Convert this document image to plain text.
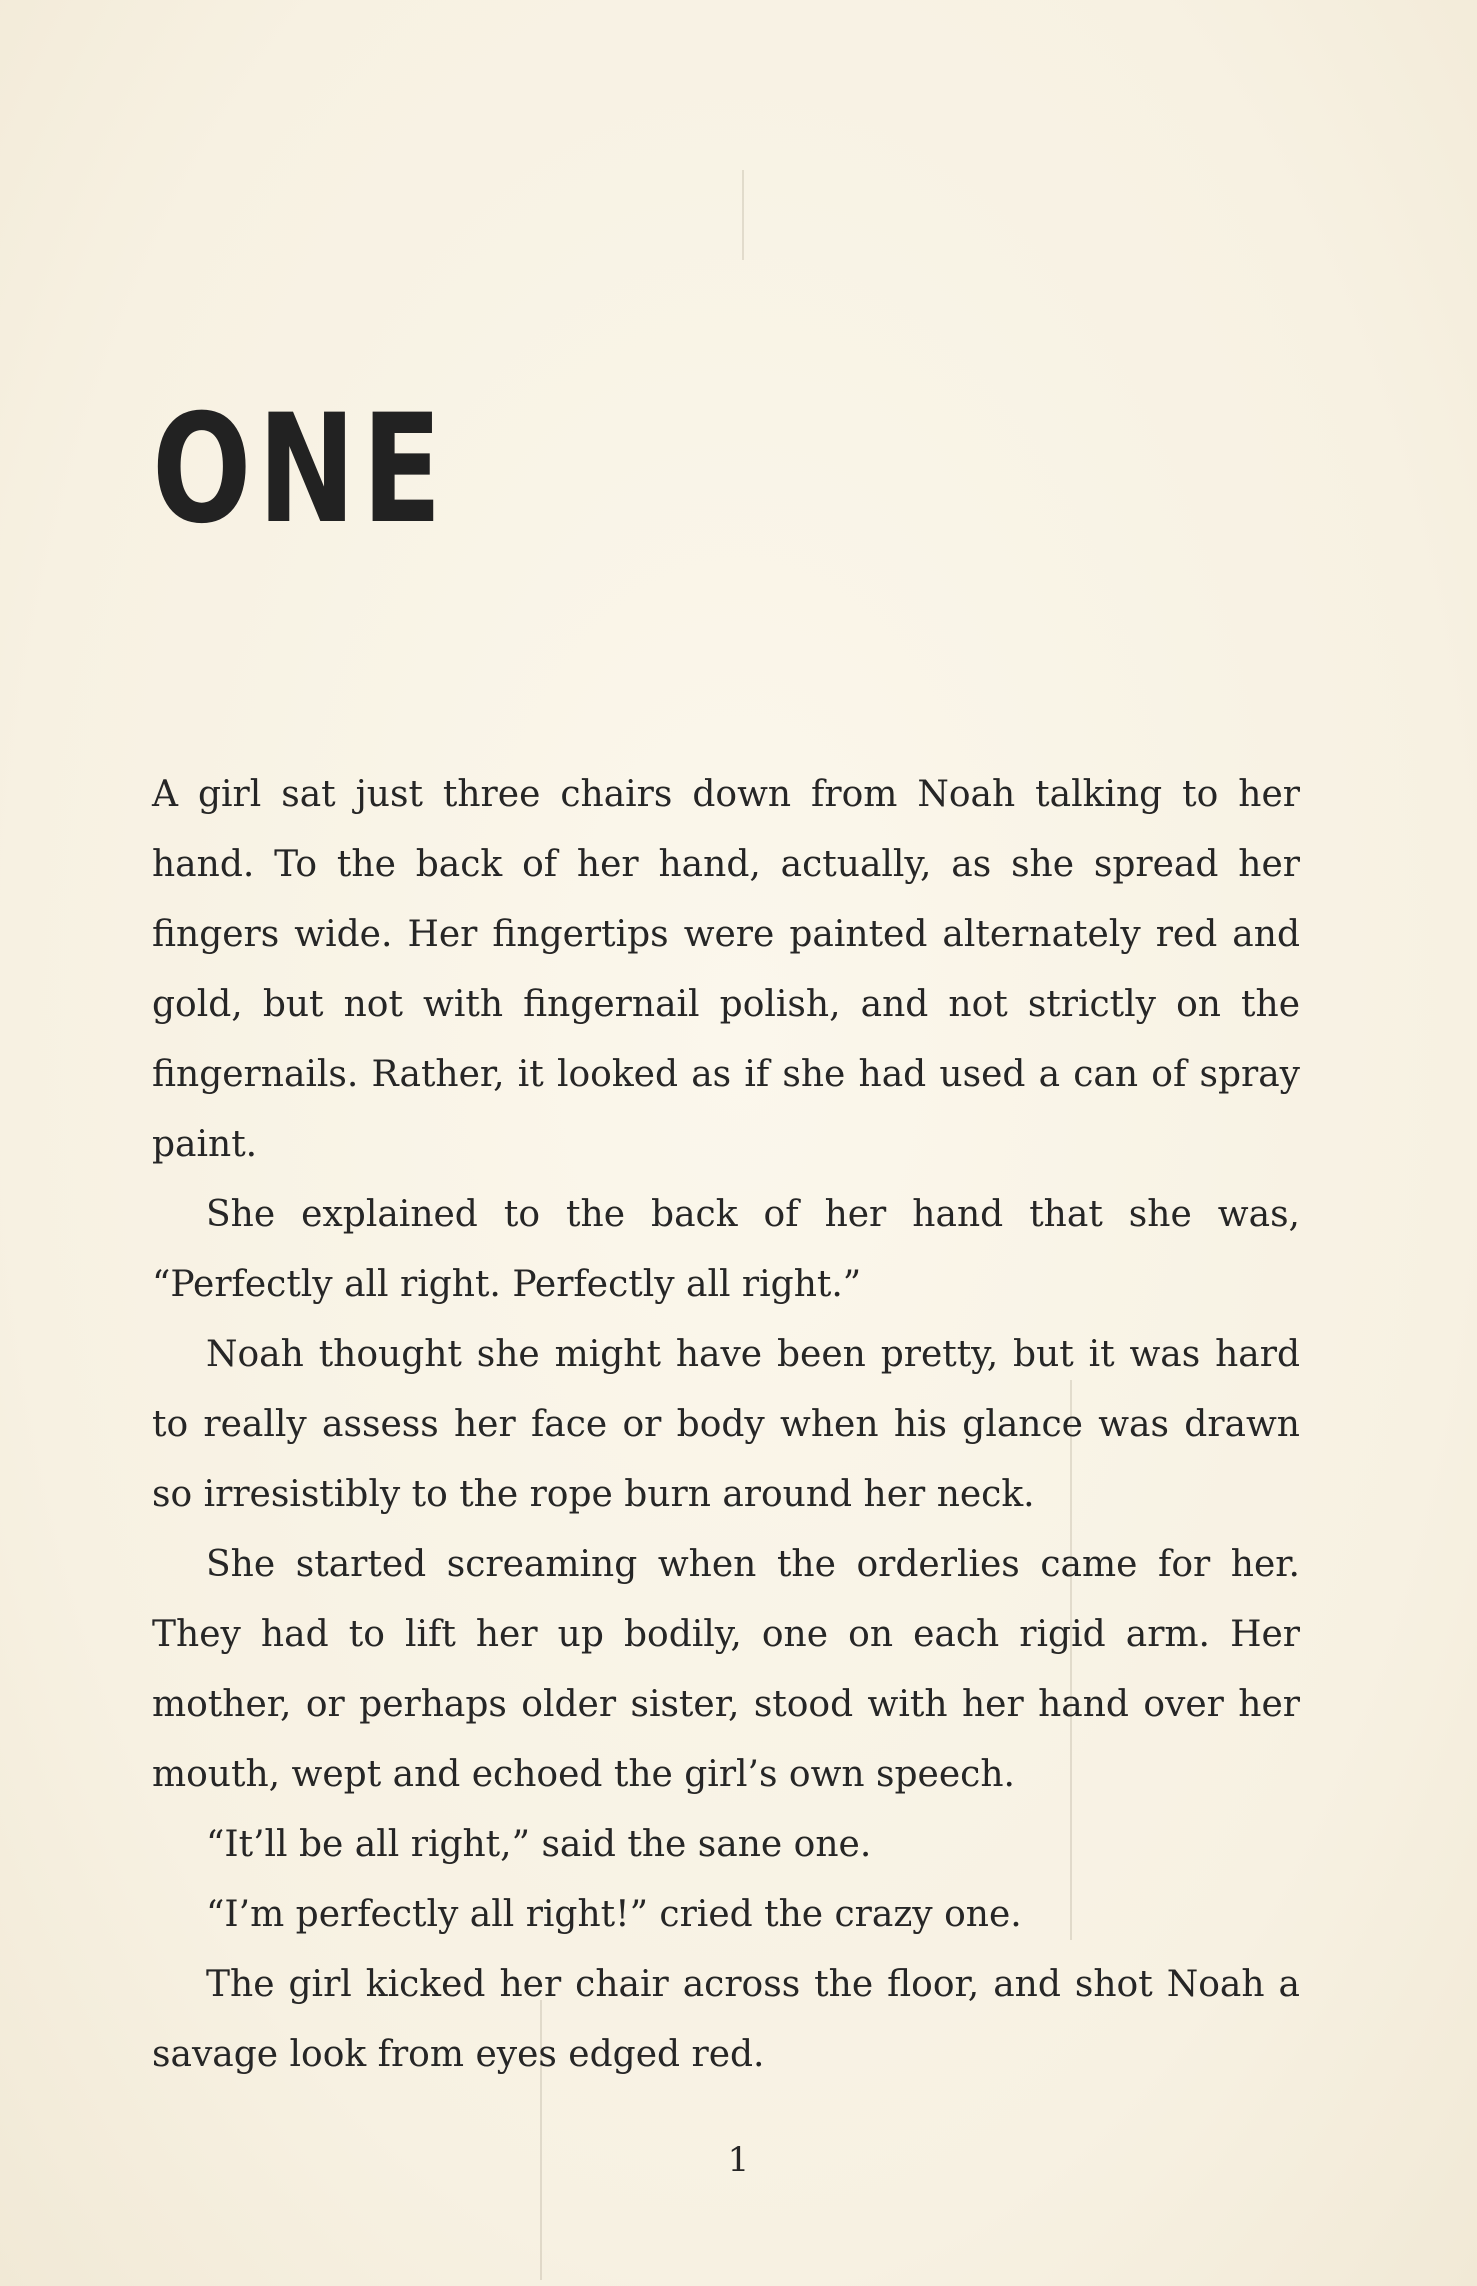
ONE

A girl sat just three chairs down from Noah talking to her hand. To the back of her hand, actually, as she spread her fingers wide. Her fingertips were painted alternately red and gold, but not with fingernail polish, and not strictly on the fingernails. Rather, it looked as if she had used a can of spray paint.

She explained to the back of her hand that she was, “Perfectly all right. Perfectly all right.”

Noah thought she might have been pretty, but it was hard to really assess her face or body when his glance was drawn so irresistibly to the rope burn around her neck.

She started screaming when the orderlies came for her. They had to lift her up bodily, one on each rigid arm. Her mother, or perhaps older sister, stood with her hand over her mouth, wept and echoed the girl’s own speech.

“It’ll be all right,” said the sane one.

“I’m perfectly all right!” cried the crazy one.

The girl kicked her chair across the floor, and shot Noah a savage look from eyes edged red.

1
